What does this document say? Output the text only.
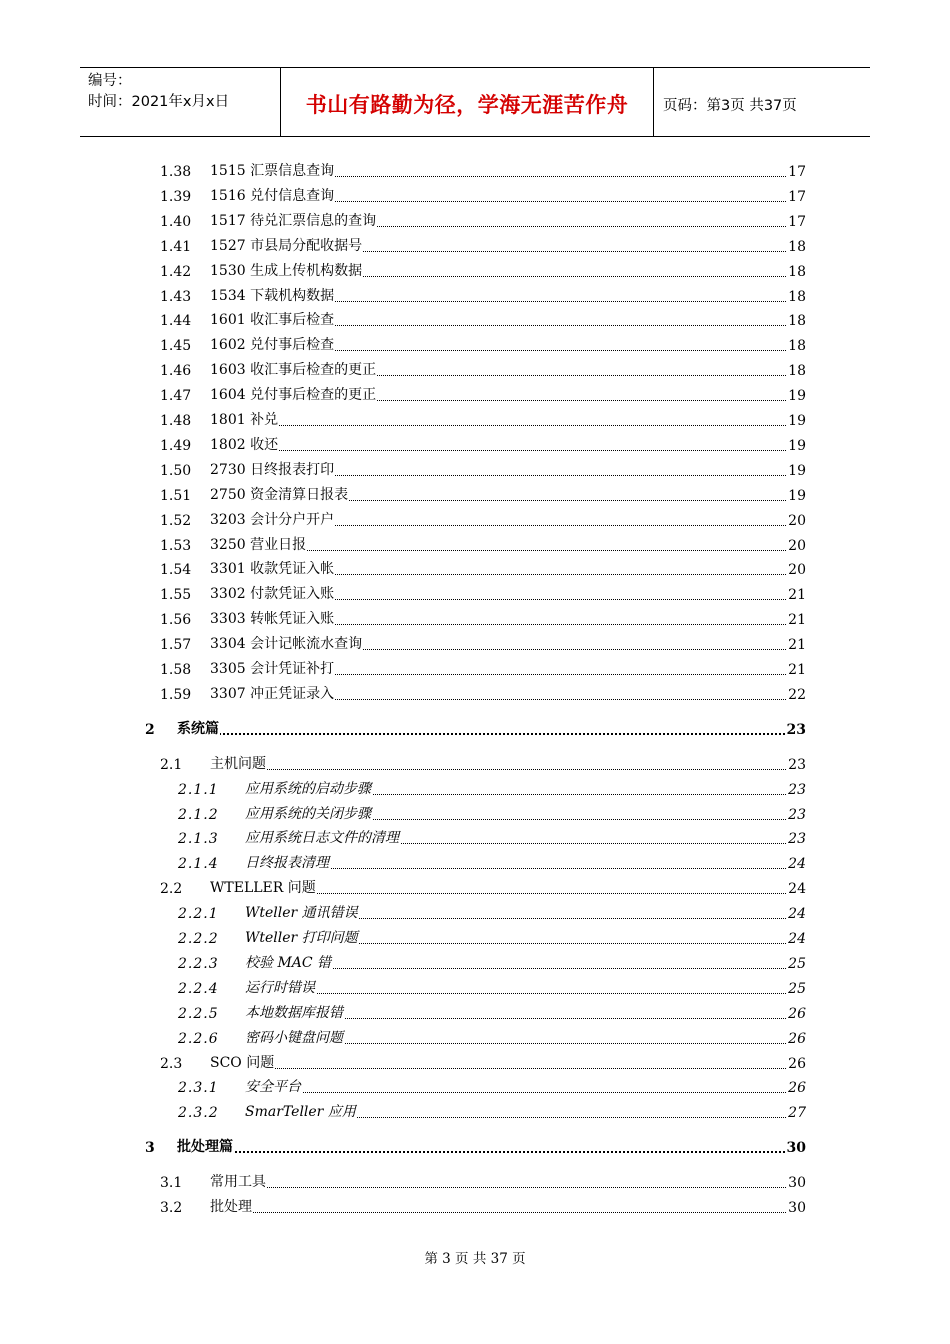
编号：
时间：2021年x月x日	书山有路勤为径，学海无涯苦作舟	页码：第3页 共37页
1.38 1515 汇票信息查询	17
1.39 1516 兑付信息查询	17
1.40 1517 待兑汇票信息的查询	17
1.41 1527 市县局分配收据号	18
1.42 1530 生成上传机构数据	18
1.43 1534 下载机构数据	18
1.44 1601 收汇事后检查	18
1.45 1602 兑付事后检查	18
1.46 1603 收汇事后检查的更正	18
1.47 1604 兑付事后检查的更正	19
1.48 1801 补兑	19
1.49 1802 收还	19
1.50 2730 日终报表打印	19
1.51 2750 资金清算日报表	19
1.52 3203 会计分户开户	20
1.53 3250 营业日报	20
1.54 3301 收款凭证入帐	20
1.55 3302 付款凭证入账	21
1.56 3303 转帐凭证入账	21
1.57 3304 会计记帐流水查询	21
1.58 3305 会计凭证补打	21
1.59 3307 冲正凭证录入	22
2 系统篇	23
2.1 主机问题	23
2.1.1 应用系统的启动步骤	23
2.1.2 应用系统的关闭步骤	23
2.1.3 应用系统日志文件的清理	23
2.1.4 日终报表清理	24
2.2 WTELLER 问题	24
2.2.1 Wteller 通讯错误	24
2.2.2 Wteller 打印问题	24
2.2.3 校验 MAC 错	25
2.2.4 运行时错误	25
2.2.5 本地数据库报错	26
2.2.6 密码小键盘问题	26
2.3 SCO 问题	26
2.3.1 安全平台	26
2.3.2 SmarTeller 应用	27
3 批处理篇	30
3.1 常用工具	30
3.2 批处理	30
第 3 页 共 37 页
